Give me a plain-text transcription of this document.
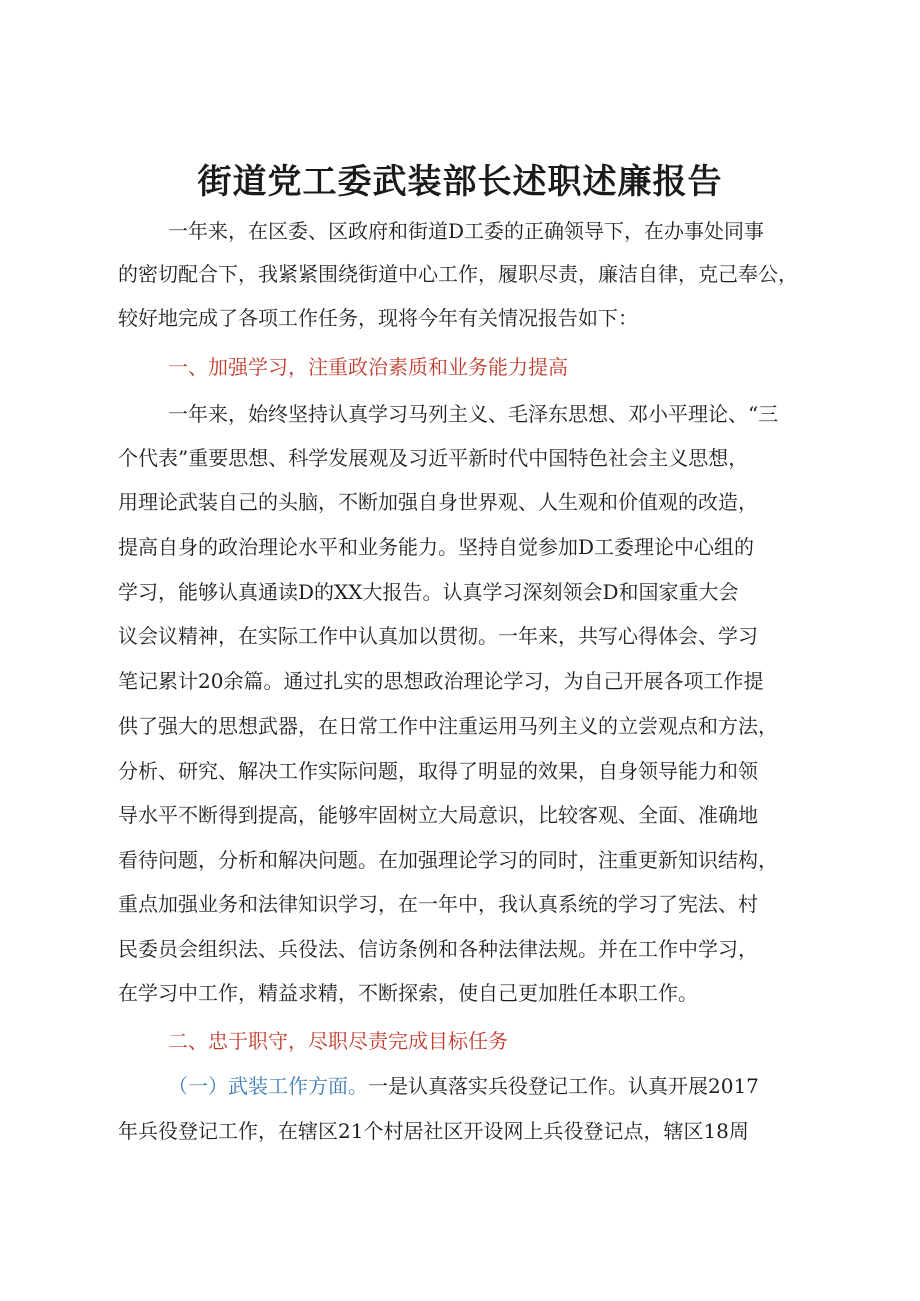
街道党工委武装部长述职述廉报告
一年来，在区委、区政府和街道D工委的正确领导下，在办事处同事
的密切配合下，我紧紧围绕街道中心工作，履职尽责，廉洁自律，克己奉公，
较好地完成了各项工作任务，现将今年有关情况报告如下：
一、加强学习，注重政治素质和业务能力提高
一年来，始终坚持认真学习马列主义、毛泽东思想、邓小平理论、“三
个代表”重要思想、科学发展观及习近平新时代中国特色社会主义思想，
用理论武装自己的头脑，不断加强自身世界观、人生观和价值观的改造，
提高自身的政治理论水平和业务能力。坚持自觉参加D工委理论中心组的
学习，能够认真通读D的XX大报告。认真学习深刻领会D和国家重大会
议会议精神，在实际工作中认真加以贯彻。一年来，共写心得体会、学习
笔记累计20余篇。通过扎实的思想政治理论学习，为自己开展各项工作提
供了强大的思想武器，在日常工作中注重运用马列主义的立尝观点和方法，
分析、研究、解决工作实际问题，取得了明显的效果，自身领导能力和领
导水平不断得到提高，能够牢固树立大局意识，比较客观、全面、准确地
看待问题，分析和解决问题。在加强理论学习的同时，注重更新知识结构，
重点加强业务和法律知识学习，在一年中，我认真系统的学习了宪法、村
民委员会组织法、兵役法、信访条例和各种法律法规。并在工作中学习，
在学习中工作，精益求精，不断探索，使自己更加胜任本职工作。
二、忠于职守，尽职尽责完成目标任务
（一）武装工作方面。一是认真落实兵役登记工作。认真开展2017
年兵役登记工作，在辖区21个村居社区开设网上兵役登记点，辖区18周
